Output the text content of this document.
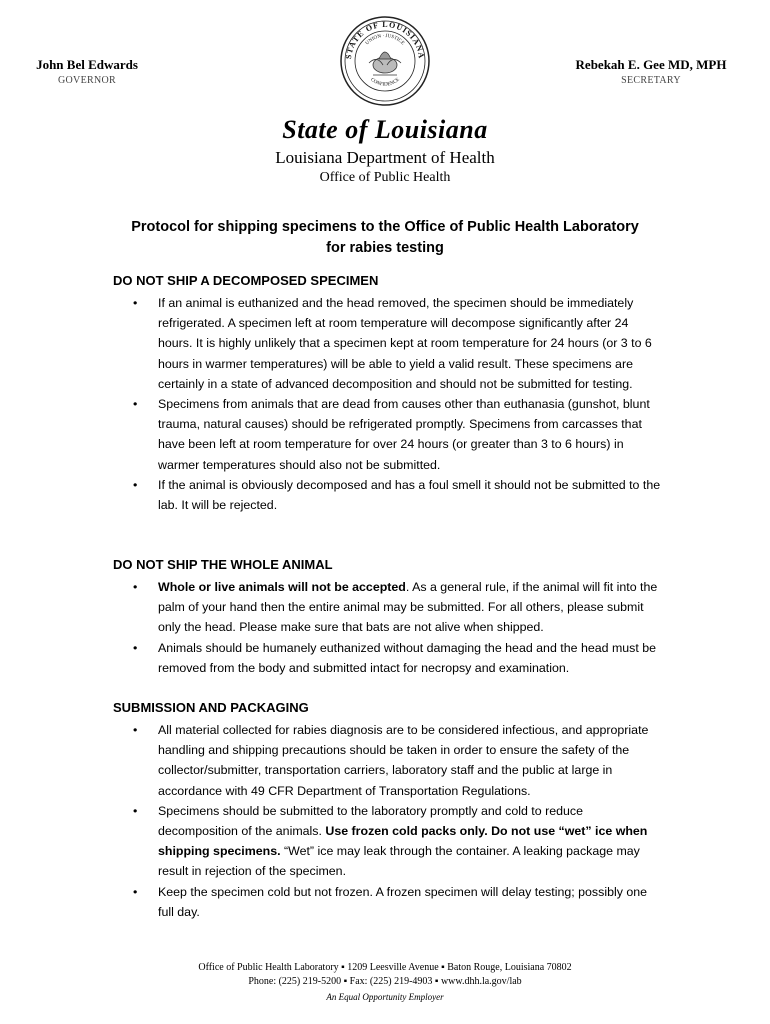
John Bel Edwards
GOVERNOR
Rebekah E. Gee MD, MPH
SECRETARY
STATE OF LOUISIANA
UNION · JUSTICE
CONFIDENCE
State of Louisiana
Louisiana Department of Health
Office of Public Health
Protocol for shipping specimens to the Office of Public Health Laboratory
for rabies testing
DO NOT SHIP A DECOMPOSED SPECIMEN
• If an animal is euthanized and the head removed, the specimen should be immediately refrigerated. A specimen left at room temperature will decompose significantly after 24 hours. It is highly unlikely that a specimen kept at room temperature for 24 hours (or 3 to 6 hours in warmer temperatures) will be able to yield a valid result. These specimens are certainly in a state of advanced decomposition and should not be submitted for testing.
• Specimens from animals that are dead from causes other than euthanasia (gunshot, blunt trauma, natural causes) should be refrigerated promptly. Specimens from carcasses that have been left at room temperature for over 24 hours (or greater than 3 to 6 hours) in warmer temperatures should also not be submitted.
• If the animal is obviously decomposed and has a foul smell it should not be submitted to the lab. It will be rejected.
DO NOT SHIP THE WHOLE ANIMAL
• Whole or live animals will not be accepted. As a general rule, if the animal will fit into the palm of your hand then the entire animal may be submitted. For all others, please submit only the head. Please make sure that bats are not alive when shipped.
• Animals should be humanely euthanized without damaging the head and the head must be removed from the body and submitted intact for necropsy and examination.
SUBMISSION AND PACKAGING
• All material collected for rabies diagnosis are to be considered infectious, and appropriate handling and shipping precautions should be taken in order to ensure the safety of the collector/submitter, transportation carriers, laboratory staff and the public at large in accordance with 49 CFR Department of Transportation Regulations.
• Specimens should be submitted to the laboratory promptly and cold to reduce decomposition of the animals. Use frozen cold packs only. Do not use “wet” ice when shipping specimens. “Wet” ice may leak through the container. A leaking package may result in rejection of the specimen.
• Keep the specimen cold but not frozen. A frozen specimen will delay testing; possibly one full day.
Office of Public Health Laboratory ▪ 1209 Leesville Avenue ▪ Baton Rouge, Louisiana 70802
Phone: (225) 219-5200 ▪ Fax: (225) 219-4903 ▪ www.dhh.la.gov/lab
An Equal Opportunity Employer
